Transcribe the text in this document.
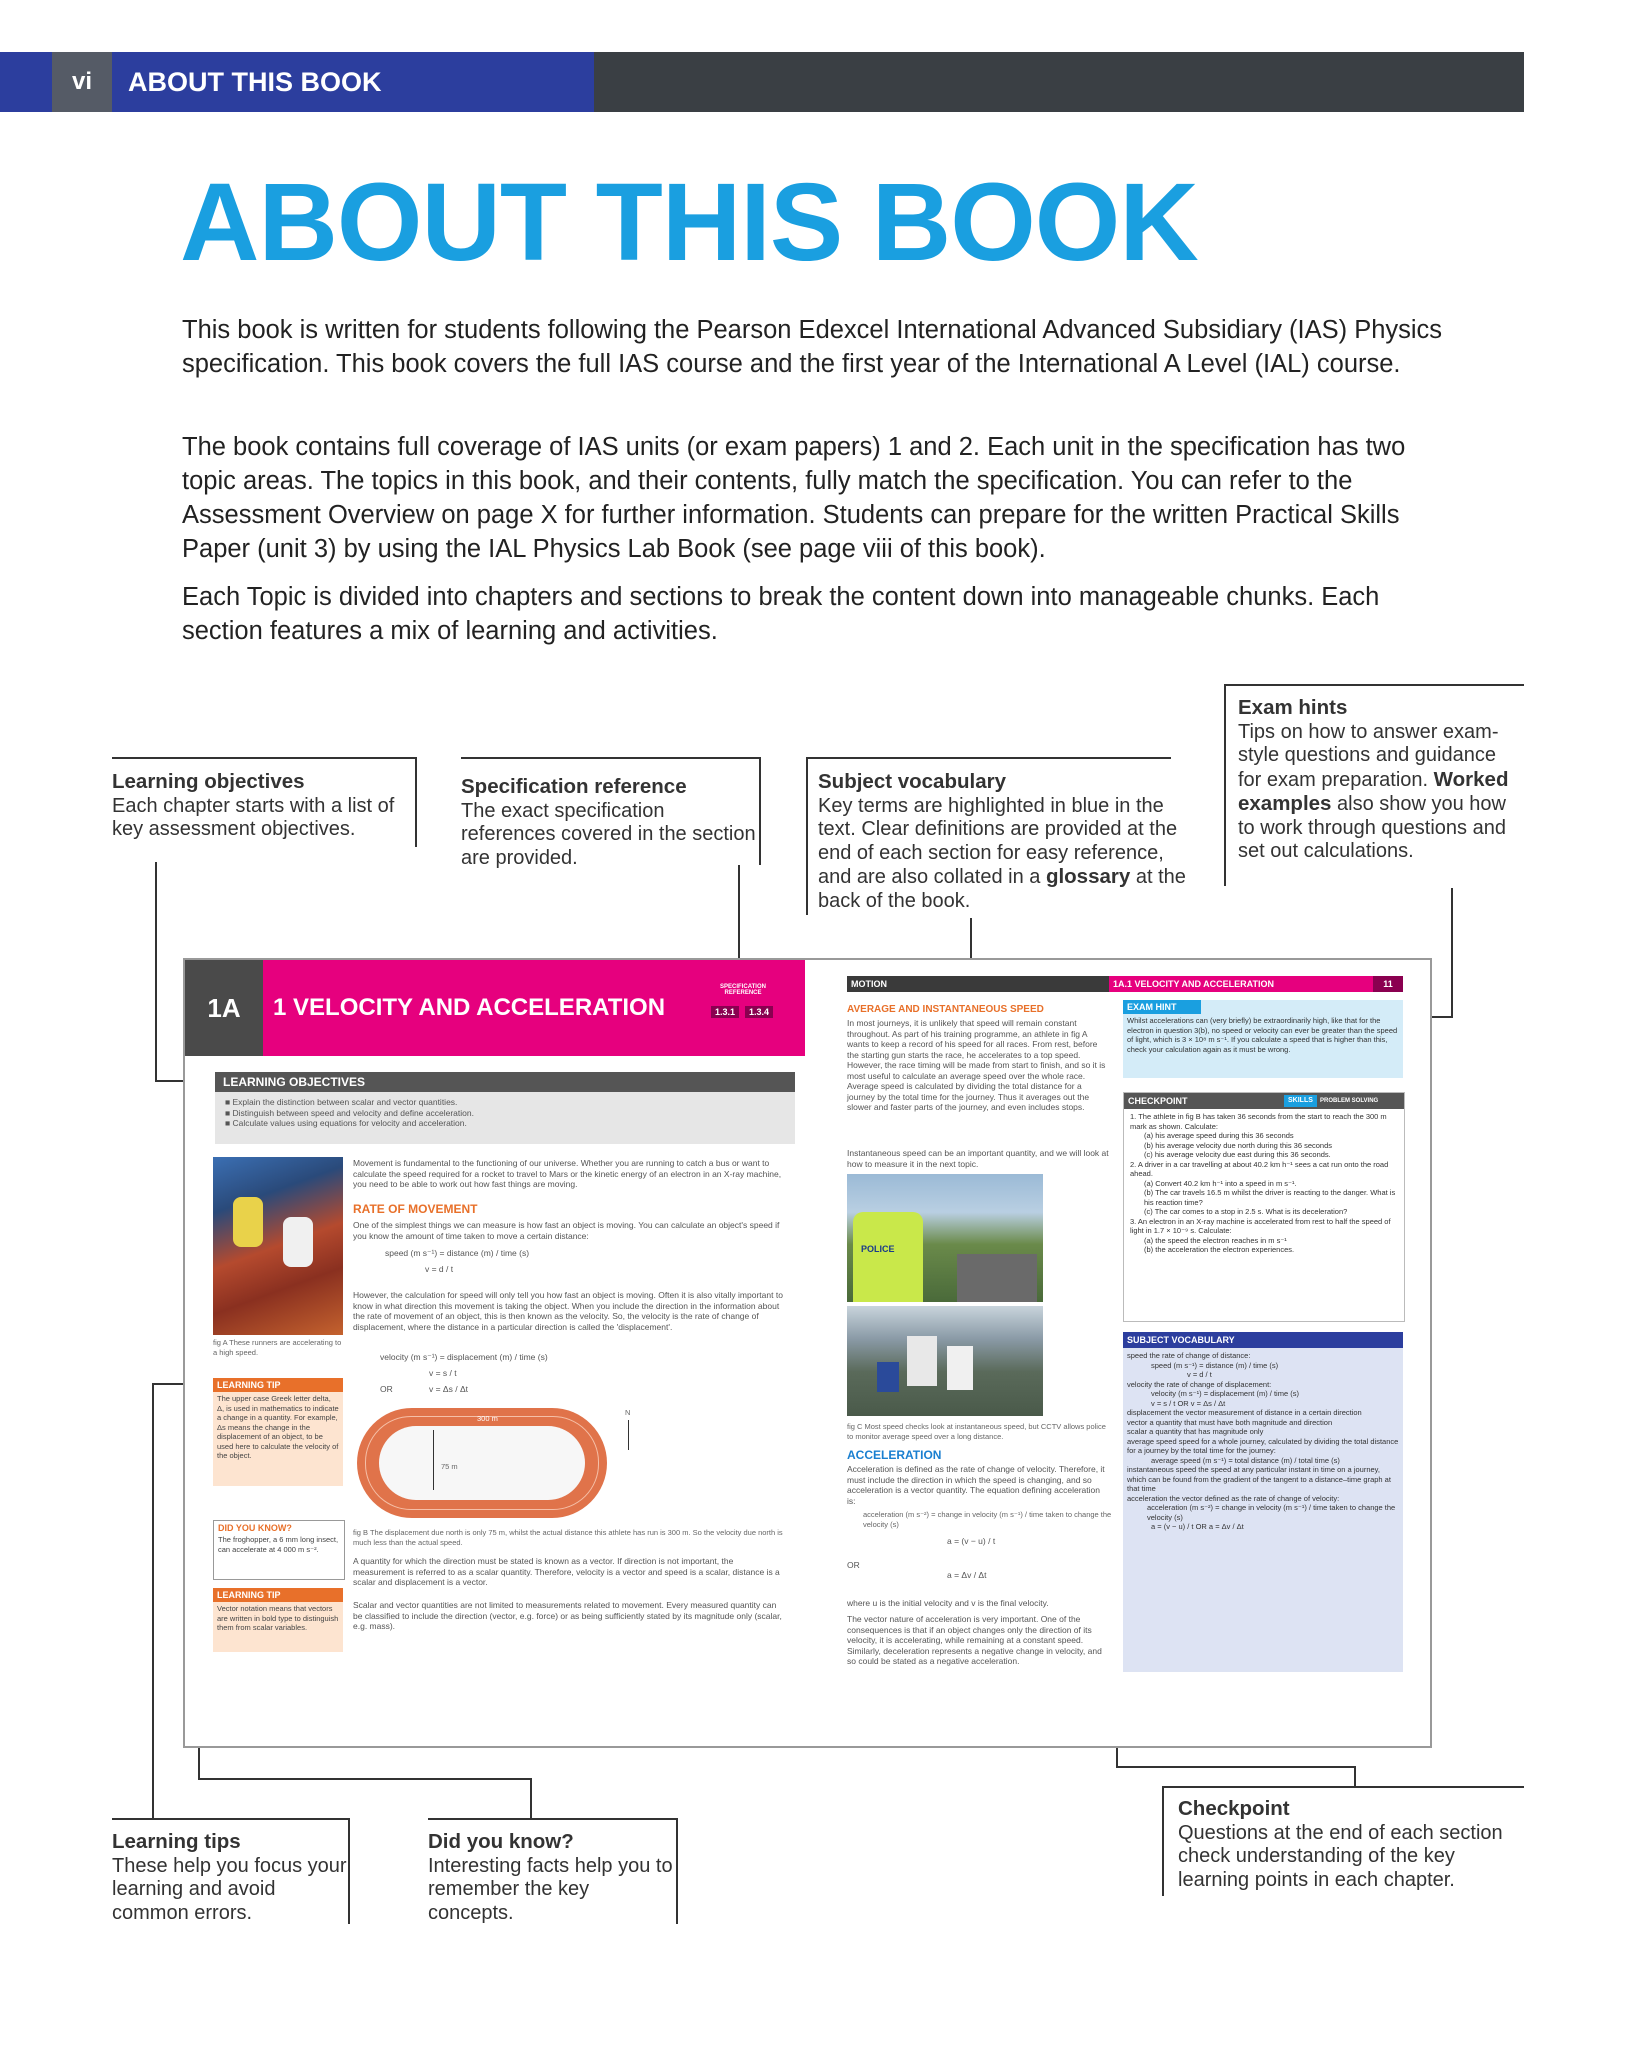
vi	ABOUT THIS BOOK
ABOUT THIS BOOK

This book is written for students following the Pearson Edexcel International Advanced Subsidiary (IAS) Physics specification. This book covers the full IAS course and the first year of the International A Level (IAL) course.

The book contains full coverage of IAS units (or exam papers) 1 and 2. Each unit in the specification has two topic areas. The topics in this book, and their contents, fully match the specification. You can refer to the Assessment Overview on page X for further information. Students can prepare for the written Practical Skills Paper (unit 3) by using the IAL Physics Lab Book (see page viii of this book).

Each Topic is divided into chapters and sections to break the content down into manageable chunks. Each section features a mix of learning and activities.

Learning objectives
Each chapter starts with a list of key assessment objectives.
Specification reference
The exact specification references covered in the section are provided.
Subject vocabulary
Key terms are highlighted in blue in the text. Clear definitions are provided at the end of each section for easy reference, and are also collated in a glossary at the back of the book.
Exam hints
Tips on how to answer exam-style questions and guidance for exam preparation. Worked examples also show you how to work through questions and set out calculations.
Learning tips
These help you focus your learning and avoid common errors.
Did you know?
Interesting facts help you to remember the key concepts.
Checkpoint
Questions at the end of each section check understanding of the key learning points in each chapter.
1A	1 VELOCITY AND ACCELERATION
SPECIFICATION REFERENCE
1.3.1	1.3.4
LEARNING OBJECTIVES
■ Explain the distinction between scalar and vector quantities.
■ Distinguish between speed and velocity and define acceleration.
■ Calculate values using equations for velocity and acceleration.
fig A These runners are accelerating to a high speed.
Movement is fundamental to the functioning of our universe. Whether you are running to catch a bus or want to calculate the speed required for a rocket to travel to Mars or the kinetic energy of an electron in an X-ray machine, you need to be able to work out how fast things are moving.
RATE OF MOVEMENT
One of the simplest things we can measure is how fast an object is moving. You can calculate an object's speed if you know the amount of time taken to move a certain distance:
speed (m s⁻¹) = distance (m) / time (s)
v = d / t
However, the calculation for speed will only tell you how fast an object is moving. Often it is also vitally important to know in what direction this movement is taking the object. When you include the direction in the information about the rate of movement of an object, this is then known as the velocity. So, the velocity is the rate of change of displacement, where the distance in a particular direction is called the 'displacement'.
velocity (m s⁻¹) = displacement (m) / time (s)
v = s / t
OR	v = Δs / Δt
300 m
75 m
N
fig B The displacement due north is only 75 m, whilst the actual distance this athlete has run is 300 m. So the velocity due north is much less than the actual speed.
A quantity for which the direction must be stated is known as a vector. If direction is not important, the measurement is referred to as a scalar quantity. Therefore, velocity is a vector and speed is a scalar, distance is a scalar and displacement is a vector.
Scalar and vector quantities are not limited to measurements related to movement. Every measured quantity can be classified to include the direction (vector, e.g. force) or as being sufficiently stated by its magnitude only (scalar, e.g. mass).
LEARNING TIP
The upper case Greek letter delta, Δ, is used in mathematics to indicate a change in a quantity. For example, Δs means the change in the displacement of an object, to be used here to calculate the velocity of the object.
DID YOU KNOW?
The froghopper, a 6 mm long insect, can accelerate at 4 000 m s⁻².
LEARNING TIP
Vector notation means that vectors are written in bold type to distinguish them from scalar variables.
MOTION	1A.1 VELOCITY AND ACCELERATION	11
AVERAGE AND INSTANTANEOUS SPEED
In most journeys, it is unlikely that speed will remain constant throughout. As part of his training programme, an athlete in fig A wants to keep a record of his speed for all races. From rest, before the starting gun starts the race, he accelerates to a top speed. However, the race timing will be made from start to finish, and so it is most useful to calculate an average speed over the whole race. Average speed is calculated by dividing the total distance for a journey by the total time for the journey. Thus it averages out the slower and faster parts of the journey, and even includes stops.
Instantaneous speed can be an important quantity, and we will look at how to measure it in the next topic.
POLICE
fig C Most speed checks look at instantaneous speed, but CCTV allows police to monitor average speed over a long distance.
ACCELERATION
Acceleration is defined as the rate of change of velocity. Therefore, it must include the direction in which the speed is changing, and so acceleration is a vector quantity. The equation defining acceleration is:
acceleration (m s⁻²) = change in velocity (m s⁻¹) / time taken to change the velocity (s)
a = (v − u) / t
OR
a = Δv / Δt
where u is the initial velocity and v is the final velocity.
The vector nature of acceleration is very important. One of the consequences is that if an object changes only the direction of its velocity, it is accelerating, while remaining at a constant speed. Similarly, deceleration represents a negative change in velocity, and so could be stated as a negative acceleration.
EXAM HINT
Whilst accelerations can (very briefly) be extraordinarily high, like that for the electron in question 3(b), no speed or velocity can ever be greater than the speed of light, which is 3 × 10⁸ m s⁻¹. If you calculate a speed that is higher than this, check your calculation again as it must be wrong.
CHECKPOINT	SKILLS	PROBLEM SOLVING
1. The athlete in fig B has taken 36 seconds from the start to reach the 300 m mark as shown. Calculate:
(a) his average speed during this 36 seconds
(b) his average velocity due north during this 36 seconds
(c) his average velocity due east during this 36 seconds.
2. A driver in a car travelling at about 40.2 km h⁻¹ sees a cat run onto the road ahead.
(a) Convert 40.2 km h⁻¹ into a speed in m s⁻¹.
(b) The car travels 16.5 m whilst the driver is reacting to the danger. What is his reaction time?
(c) The car comes to a stop in 2.5 s. What is its deceleration?
3. An electron in an X-ray machine is accelerated from rest to half the speed of light in 1.7 × 10⁻⁹ s. Calculate:
(a) the speed the electron reaches in m s⁻¹
(b) the acceleration the electron experiences.
SUBJECT VOCABULARY
speed the rate of change of distance:
speed (m s⁻¹) = distance (m) / time (s)
v = d / t
velocity the rate of change of displacement:
velocity (m s⁻¹) = displacement (m) / time (s)
v = s / t OR v = Δs / Δt
displacement the vector measurement of distance in a certain direction
vector a quantity that must have both magnitude and direction
scalar a quantity that has magnitude only
average speed speed for a whole journey, calculated by dividing the total distance for a journey by the total time for the journey:
average speed (m s⁻¹) = total distance (m) / total time (s)
instantaneous speed the speed at any particular instant in time on a journey, which can be found from the gradient of the tangent to a distance–time graph at that time
acceleration the vector defined as the rate of change of velocity:
acceleration (m s⁻²) = change in velocity (m s⁻¹) / time taken to change the velocity (s)
a = (v − u) / t OR a = Δv / Δt
